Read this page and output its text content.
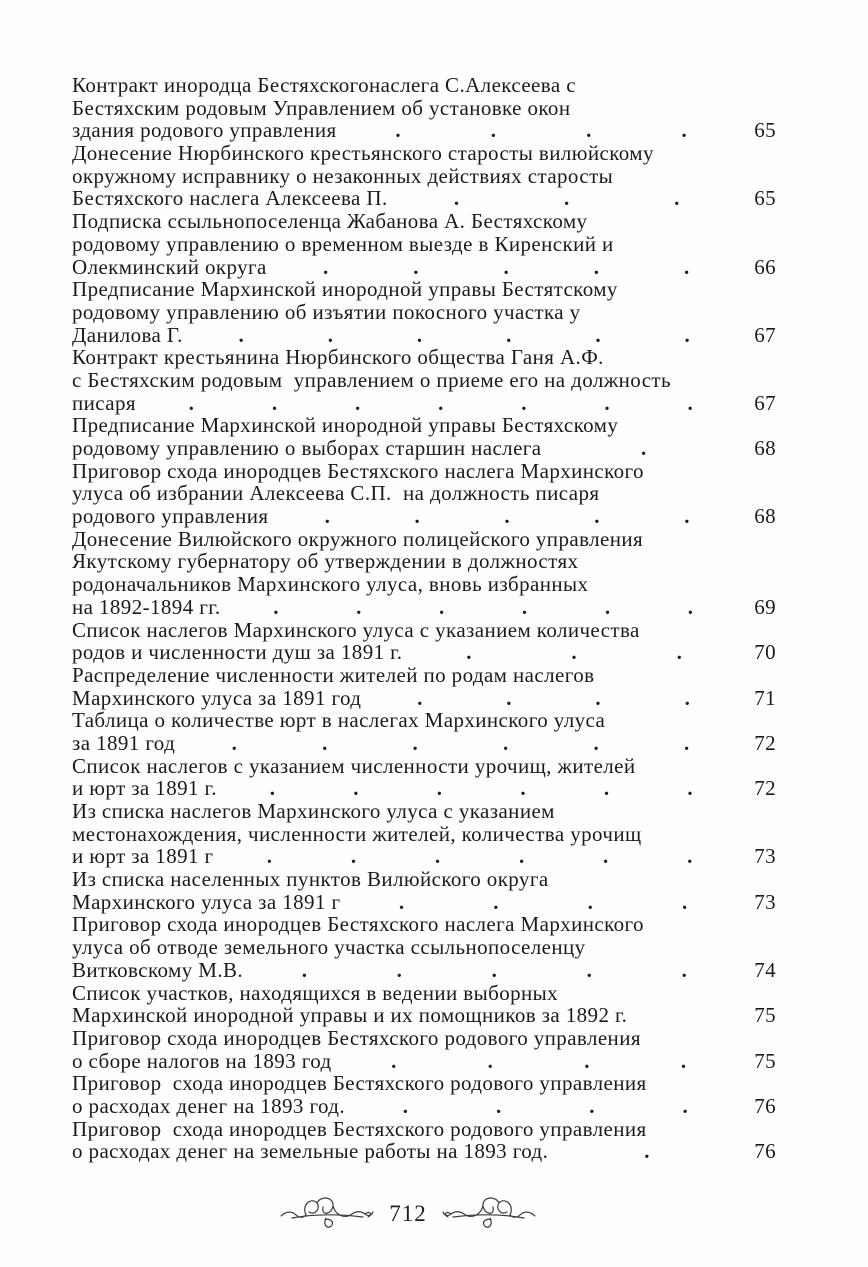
Контракт инородца Бестяхскогонаслега С.Алексеева с
Бестяхским родовым Управлением об установке окон
здания родового управления	.	.	.	.	65
Донесение Нюрбинского крестьянского старосты вилюйскому
окружному исправнику о незаконных действиях старосты
Бестяхского наслега Алексеева П.	.	.	.	65
Подписка ссыльнопоселенца Жабанова А. Бестяхскому
родовому управлению о временном выезде в Киренский и
Олекминский округа	.	.	.	.	.	66
Предписание Мархинской инородной управы Бестятскому
родовому управлению об изъятии покосного участка у
Данилова Г.	.	.	.	.	.	.	67
Контракт крестьянина Нюрбинского общества Ганя А.Ф.
с Бестяхским родовым  управлением о приеме его на должность
писаря	.	.	.	.	.	.	.	67
Предписание Мархинской инородной управы Бестяхскому
родовому управлению о выборах старшин наслега	.	68
Приговор схода инородцев Бестяхского наслега Мархинского
улуса об избрании Алексеева С.П.  на должность писаря
родового управления	.	.	.	.	.	68
Донесение Вилюйского окружного полицейского управления
Якутскому губернатору об утверждении в должностях
родоначальников Мархинского улуса, вновь избранных
на 1892-1894 гг.	.	.	.	.	.	.	69
Список наслегов Мархинского улуса с указанием количества
родов и численности душ за 1891 г.	.	.	.	70
Распределение численности жителей по родам наслегов
Мархинского улуса за 1891 год	.	.	.	.	71
Таблица о количестве юрт в наслегах Мархинского улуса
за 1891 год	.	.	.	.	.	.	72
Список наслегов с указанием численности урочищ, жителей
и юрт за 1891 г.	.	.	.	.	.	.	72
Из списка наслегов Мархинского улуса с указанием
местонахождения, численности жителей, количества урочищ
и юрт за 1891 г	.	.	.	.	.	.	73
Из списка населенных пунктов Вилюйского округа
Мархинского улуса за 1891 г	.	.	.	.	73
Приговор схода инородцев Бестяхского наслега Мархинского
улуса об отводе земельного участка ссыльнопоселенцу
Витковскому М.В.	.	.	.	.	.	74
Список участков, находящихся в ведении выборных
Мархинской инородной управы и их помощников за 1892 г.	75
Приговор схода инородцев Бестяхского родового управления
о сборе налогов на 1893 год	.	.	.	.	75
Приговор  схода инородцев Бестяхского родового управления
о расходах денег на 1893 год.	.	.	.	.	76
Приговор  схода инородцев Бестяхского родового управления
о расходах денег на земельные работы на 1893 год.	.	76
712
